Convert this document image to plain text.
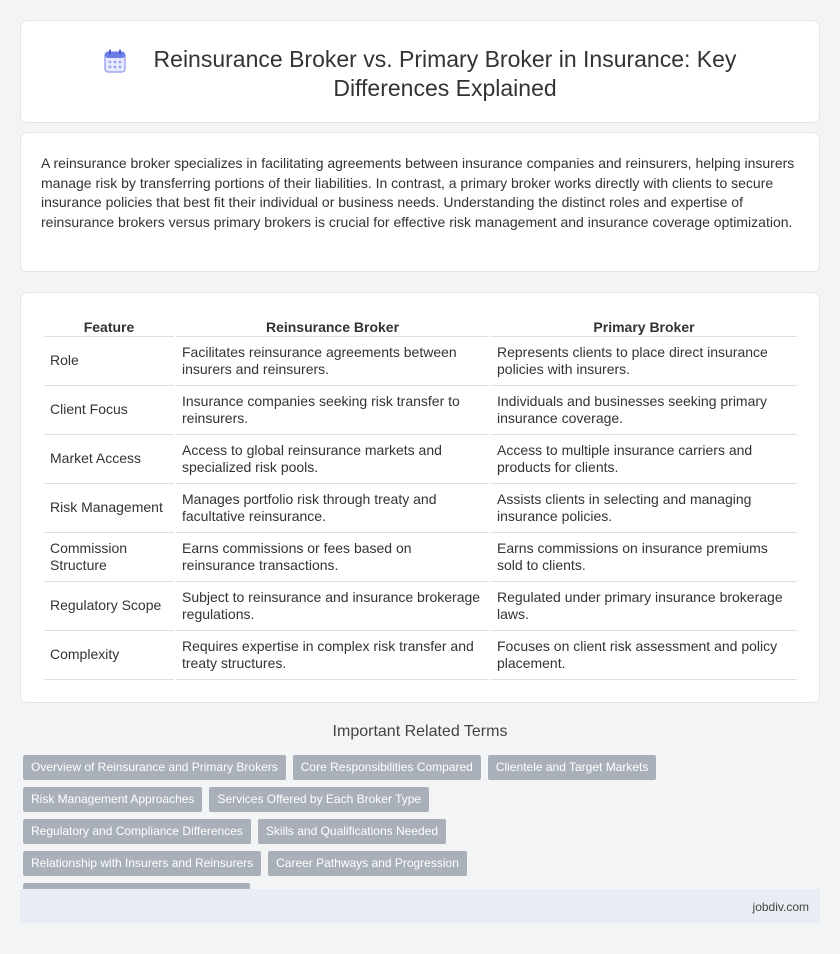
Reinsurance Broker vs. Primary Broker in Insurance: Key Differences Explained

A reinsurance broker specializes in facilitating agreements between insurance companies and reinsurers, helping insurers manage risk by transferring portions of their liabilities. In contrast, a primary broker works directly with clients to secure insurance policies that best fit their individual or business needs. Understanding the distinct roles and expertise of reinsurance brokers versus primary brokers is crucial for effective risk management and insurance coverage optimization.

Feature	Reinsurance Broker	Primary Broker
Role	Facilitates reinsurance agreements between insurers and reinsurers.	Represents clients to place direct insurance policies with insurers.
Client Focus	Insurance companies seeking risk transfer to reinsurers.	Individuals and businesses seeking primary insurance coverage.
Market Access	Access to global reinsurance markets and specialized risk pools.	Access to multiple insurance carriers and products for clients.
Risk Management	Manages portfolio risk through treaty and facultative reinsurance.	Assists clients in selecting and managing insurance policies.
Commission Structure	Earns commissions or fees based on reinsurance transactions.	Earns commissions on insurance premiums sold to clients.
Regulatory Scope	Subject to reinsurance and insurance brokerage regulations.	Regulated under primary insurance brokerage laws.
Complexity	Requires expertise in complex risk transfer and treaty structures.	Focuses on client risk assessment and policy placement.
Important Related Terms
Overview of Reinsurance and Primary Brokers	Core Responsibilities Compared	Clientele and Target Markets
Risk Management Approaches	Services Offered by Each Broker Type
Regulatory and Compliance Differences	Skills and Qualifications Needed
Relationship with Insurers and Reinsurers	Career Pathways and Progression
jobdiv.com
